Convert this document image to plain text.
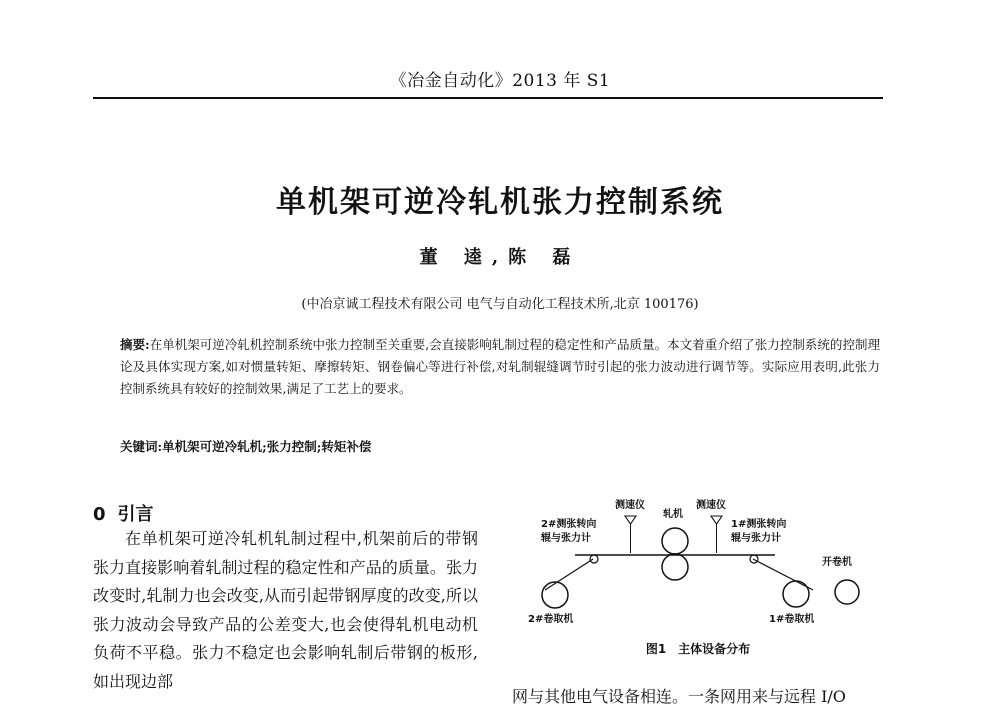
《冶金自动化》2013 年 S1
单机架可逆冷轧机张力控制系统
董 逵,陈 磊
(中冶京诚工程技术有限公司 电气与自动化工程技术所,北京 100176)
摘要:在单机架可逆冷轧机控制系统中张力控制至关重要,会直接影响轧制过程的稳定性和产品质量。本文着重介绍了张力控制系统的控制理论及具体实现方案,如对惯量转矩、摩擦转矩、钢卷偏心等进行补偿,对轧制辊缝调节时引起的张力波动进行调节等。实际应用表明,此张力控制系统具有较好的控制效果,满足了工艺上的要求。
关键词:单机架可逆冷轧机;张力控制;转矩补偿
0 引言

在单机架可逆冷轧机轧制过程中,机架前后的带钢张力直接影响着轧制过程的稳定性和产品的质量。张力改变时,轧制力也会改变,从而引起带钢厚度的改变,所以张力波动会导致产品的公差变大,也会使得轧机电动机负荷不平稳。张力不稳定也会影响轧制后带钢的板形,如出现边部

测速仪	测速仪
轧机
2#测张转向
辊与张力计
1#测张转向
辊与张力计
开卷机
2#卷取机	1#卷取机
图1　主体设备分布
网与其他电气设备相连。一条网用来与远程 I/O
